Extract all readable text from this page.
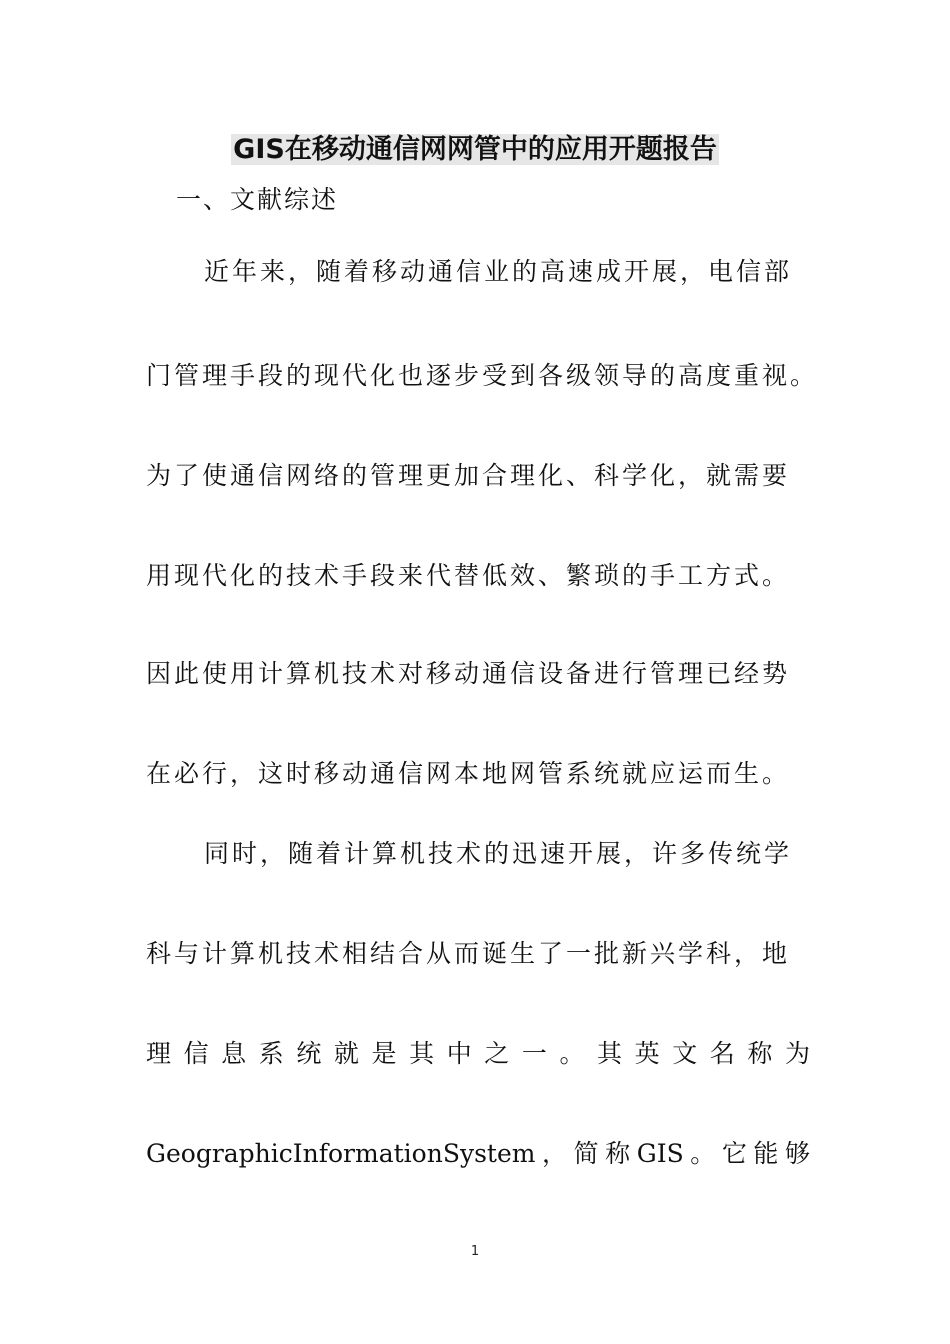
GIS在移动通信网网管中的应用开题报告
一、文献综述
近年来，随着移动通信业的高速成开展，电信部
门管理手段的现代化也逐步受到各级领导的高度重视。
为了使通信网络的管理更加合理化、科学化，就需要
用现代化的技术手段来代替低效、繁琐的手工方式。
因此使用计算机技术对移动通信设备进行管理已经势
在必行，这时移动通信网本地网管系统就应运而生。
同时，随着计算机技术的迅速开展，许多传统学
科与计算机技术相结合从而诞生了一批新兴学科，地
理信息系统就是其中之一。其英文名称为
GeographicInformationSystem，简称GIS。它能够
1
